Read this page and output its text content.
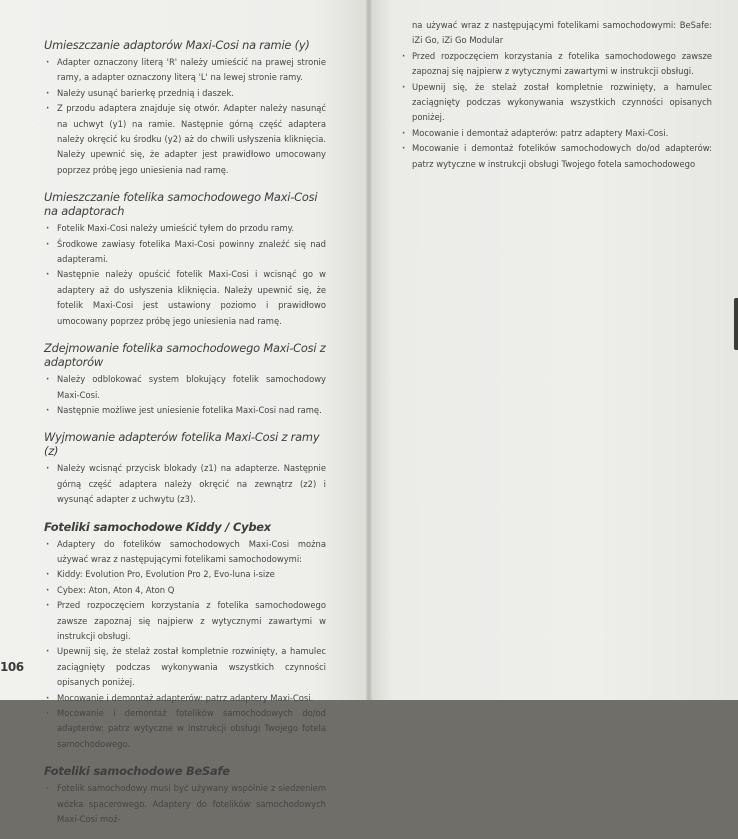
Umieszczanie adaptorów Maxi-Cosi na ramie (y)
· Adapter oznaczony literą 'R' należy umieścić na prawej stronie ramy, a adapter oznaczony literą 'L' na lewej stronie ramy.
· Należy usunąć barierkę przednią i daszek.
· Z przodu adaptera znajduje się otwór. Adapter należy nasunąć na uchwyt (y1) na ramie. Następnie górną część adaptera należy okręcić ku środku (y2) aż do chwili usłyszenia kliknięcia. Należy upewnić się, że adapter jest prawidłowo umocowany poprzez próbę jego uniesienia nad ramę.
Umieszczanie fotelika samochodowego Maxi-Cosi na adaptorach
· Fotelik Maxi-Cosi należy umieścić tyłem do przodu ramy.
· Środkowe zawiasy fotelika Maxi-Cosi powinny znaleźć się nad adapterami.
· Następnie należy opuścić fotelik Maxi-Cosi i wcisnąć go w adaptery aż do usłyszenia kliknięcia. Należy upewnić się, że fotelik Maxi-Cosi jest ustawiony poziomo i prawidłowo umocowany poprzez próbę jego uniesienia nad ramę.
Zdejmowanie fotelika samochodowego Maxi-Cosi z adaptorów
· Należy odblokować system blokujący fotelik samochodowy Maxi-Cosi.
· Następnie możliwe jest uniesienie fotelika Maxi-Cosi nad ramę.
Wyjmowanie adapterów fotelika Maxi-Cosi z ramy (z)
· Należy wcisnąć przycisk blokady (z1) na adapterze. Następnie górną część adaptera należy okręcić na zewnątrz (z2) i wysunąć adapter z uchwytu (z3).
Foteliki samochodowe Kiddy / Cybex
· Adaptery do fotelików samochodowych Maxi-Cosi można używać wraz z następującymi fotelikami samochodowymi:
· Kiddy: Evolution Pro, Evolution Pro 2, Evo-luna i-size
· Cybex: Aton, Aton 4, Aton Q
· Przed rozpoczęciem korzystania z fotelika samochodowego zawsze zapoznaj się najpierw z wytycznymi zawartymi w instrukcji obsługi.
· Upewnij się, że stelaż został kompletnie rozwinięty, a hamulec zaciągnięty podczas wykonywania wszystkich czynności opisanych poniżej.
· Mocowanie i demontaż adapterów: patrz adaptery Maxi-Cosi.
· Mocowanie i demontaż fotelików samochodowych do/od adapterów: patrz wytyczne w instrukcji obsługi Twojego fotela samochodowego.
Foteliki samochodowe BeSafe
· Fotelik samochodowy musi być używany wspólnie z siedzeniem wózka spacerowego. Adaptery do fotelików samochodowych Maxi-Cosi moż-
106
na używać wraz z następującymi fotelikami samochodowymi: BeSafe: iZi Go, iZi Go Modular
· Przed rozpoczęciem korzystania z fotelika samochodowego zawsze zapoznaj się najpierw z wytycznymi zawartymi w instrukcji obsługi.
· Upewnij się, że stelaż został kompletnie rozwinięty, a hamulec zaciągnięty podczas wykonywania wszystkich czynności opisanych poniżej.
· Mocowanie i demontaż adapterów: patrz adaptery Maxi-Cosi.
· Mocowanie i demontaż fotelików samochodowych do/od adapterów: patrz wytyczne w instrukcji obsługi Twojego fotela samochodowego
